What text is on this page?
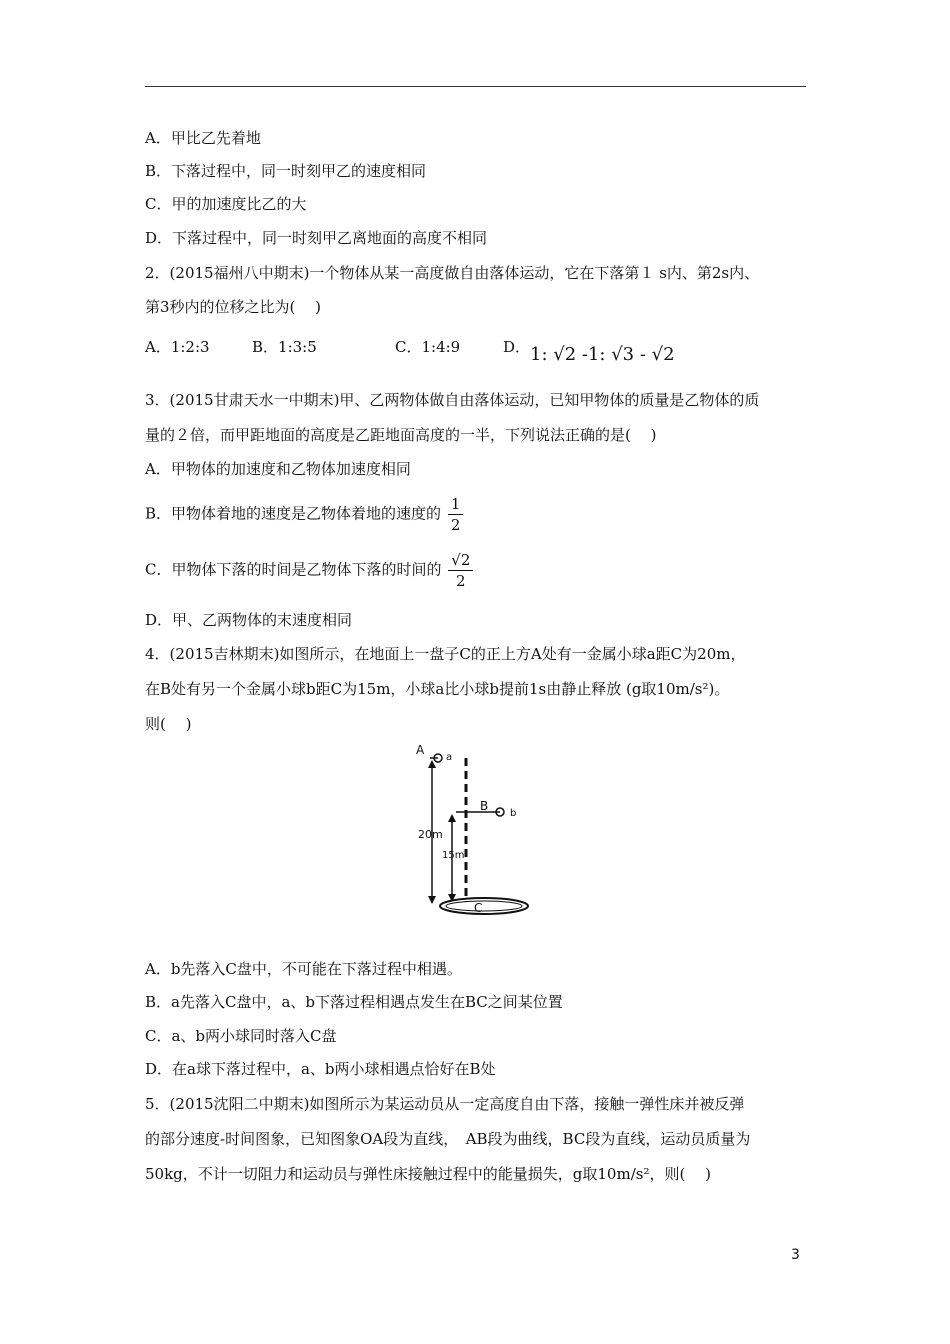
A．甲比乙先着地
B．下落过程中，同一时刻甲乙的速度相同
C．甲的加速度比乙的大
D．下落过程中，同一时刻甲乙离地面的高度不相同
2．(2015福州八中期末)一个物体从某一高度做自由落体运动，它在下落第１ s内、第2s内、
第3秒内的位移之比为(　 )
A．1:2:3	B．1:3:5	C．1:4:9	D． 1: √2 -1: √3 - √2
3．(2015甘肃天水一中期末)甲、乙两物体做自由落体运动，已知甲物体的质量是乙物体的质
量的２倍，而甲距地面的高度是乙距地面高度的一半，下列说法正确的是(　 )
A．甲物体的加速度和乙物体加速度相同
B．甲物体着地的速度是乙物体着地的速度的 $\frac{1}{2}$
C．甲物体下落的时间是乙物体下落的时间的 $\frac{√2}{2}$
D．甲、乙两物体的末速度相同
4．(2015吉林期末)如图所示，在地面上一盘子C的正上方A处有一金属小球a距C为20m，
在B处有另一个金属小球b距C为15m，小球a比小球b提前1s由静止释放 (g取10m/s²)。
则(　 )
A
a
B
b
C
20m
15m
A．b先落入C盘中，不可能在下落过程中相遇。
B．a先落入C盘中，a、b下落过程相遇点发生在BC之间某位置
C．a、b两小球同时落入C盘
D．在a球下落过程中，a、b两小球相遇点恰好在B处
5．(2015沈阳二中期末)如图所示为某运动员从一定高度自由下落，接触一弹性床并被反弹
的部分速度-时间图象，已知图象OA段为直线，　AB段为曲线，BC段为直线，运动员质量为
50kg，不计一切阻力和运动员与弹性床接触过程中的能量损失，g取10m/s²，则(　 )
3
